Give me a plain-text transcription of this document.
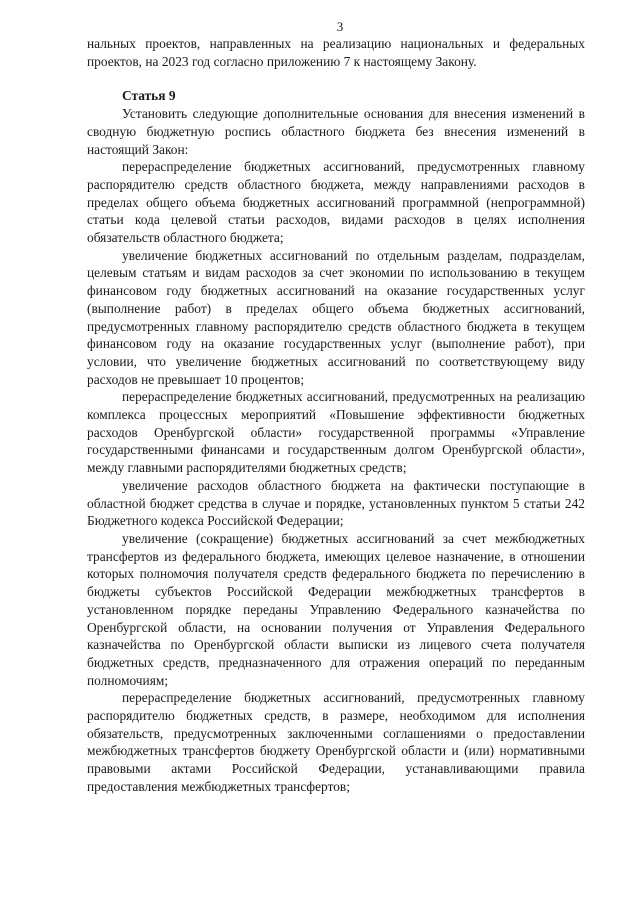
3

нальных проектов, направленных на реализацию национальных и федеральных проектов, на 2023 год согласно приложению 7 к настоящему Закону.

Статья 9

Установить следующие дополнительные основания для внесения изменений в сводную бюджетную роспись областного бюджета без внесения изменений в настоящий Закон:

перераспределение бюджетных ассигнований, предусмотренных главному распорядителю средств областного бюджета, между направлениями расходов в пределах общего объема бюджетных ассигнований программной (непрограммной) статьи кода целевой статьи расходов, видами расходов в целях исполнения обязательств областного бюджета;

увеличение бюджетных ассигнований по отдельным разделам, подразделам, целевым статьям и видам расходов за счет экономии по использованию в текущем финансовом году бюджетных ассигнований на оказание государственных услуг (выполнение работ) в пределах общего объема бюджетных ассигнований, предусмотренных главному распорядителю средств областного бюджета в текущем финансовом году на оказание государственных услуг (выполнение работ), при условии, что увеличение бюджетных ассигнований по соответствующему виду расходов не превышает 10 процентов;

перераспределение бюджетных ассигнований, предусмотренных на реализацию комплекса процессных мероприятий «Повышение эффективности бюджетных расходов Оренбургской области» государственной программы «Управление государственными финансами и государственным долгом Оренбургской области», между главными распорядителями бюджетных средств;

увеличение расходов областного бюджета на фактически поступающие в областной бюджет средства в случае и порядке, установленных пунктом 5 статьи 242 Бюджетного кодекса Российской Федерации;

увеличение (сокращение) бюджетных ассигнований за счет межбюджетных трансфертов из федерального бюджета, имеющих целевое назначение, в отношении которых полномочия получателя средств федерального бюджета по перечислению в бюджеты субъектов Российской Федерации межбюджетных трансфертов в установленном порядке переданы Управлению Федерального казначейства по Оренбургской области, на основании получения от Управления Федерального казначейства по Оренбургской области выписки из лицевого счета получателя бюджетных средств, предназначенного для отражения операций по переданным полномочиям;

перераспределение бюджетных ассигнований, предусмотренных главному распорядителю бюджетных средств, в размере, необходимом для исполнения обязательств, предусмотренных заключенными соглашениями о предоставлении межбюджетных трансфертов бюджету Оренбургской области и (или) нормативными правовыми актами Российской Федерации, устанавливающими правила предоставления межбюджетных трансфертов;
